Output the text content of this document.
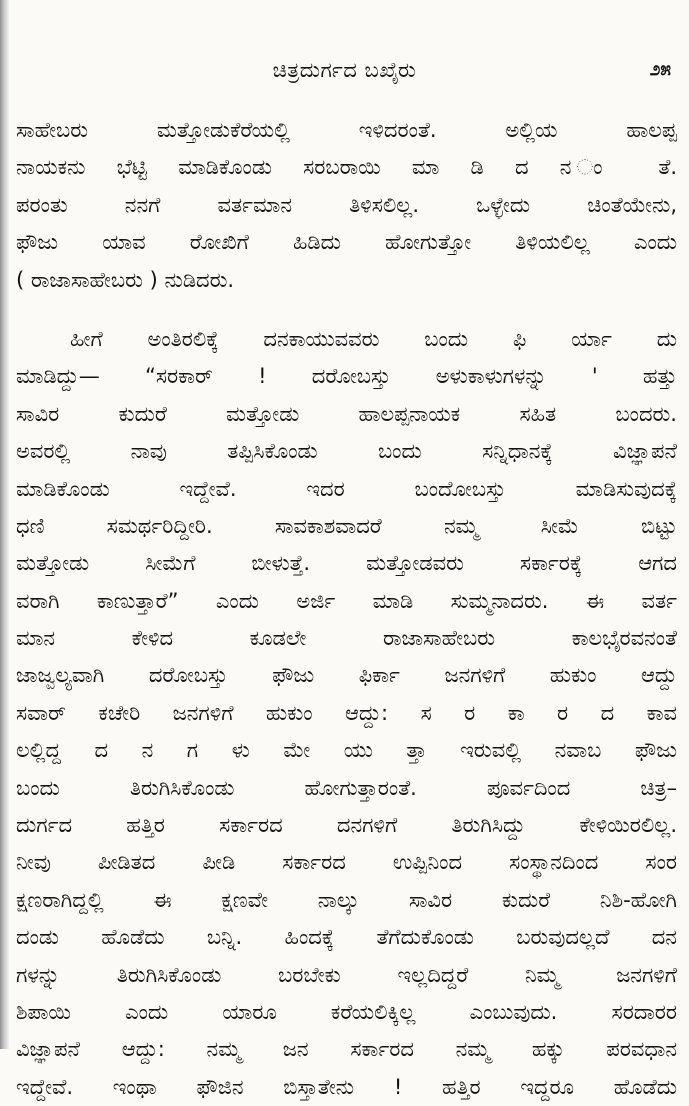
ಚಿತ್ರದುರ್ಗದ ಬಖೈರು	೨೫
ಸಾಹೇಬರು ಮತ್ತೋಡುಕೆರೆಯಲ್ಲಿ ಇಳಿದರಂತೆ. ಅಲ್ಲಿಯ ಹಾಲಪ್ಪ
ನಾಯಕನು ಭೆಟ್ಟಿ ಮಾಡಿಕೊಂಡು ಸರಬರಾಯಿ ಮಾ ಡಿ ದ ನ ಂ ತೆ.
ಪರಂತು ನನಗೆ ವರ್ತಮಾನ ತಿಳಿಸಲಿಲ್ಲ. ಒಳ್ಳೇದು ಚಿಂತೆಯೇನು,
ಫೌಜು ಯಾವ ರೋಖಿಗೆ ಹಿಡಿದು ಹೋಗುತ್ತೋ ತಿಳಿಯಲಿಲ್ಲ ಎಂದು
( ರಾಜಾಸಾಹೇಬರು ) ನುಡಿದರು.
ಹೀಗೆ ಅಂತಿರಲಿಕ್ಕೆ ದನಕಾಯುವವರು ಬಂದು ಫಿ ರ್ಯಾ ದು
ಮಾಡಿದ್ದು— “ಸರಕಾರ್ ! ದರೋಬಸ್ತು ಅಳುಕಾಳುಗಳನ್ನು ' ಹತ್ತು
ಸಾವಿರ ಕುದುರೆ ಮತ್ತೋಡು ಹಾಲಪ್ಪನಾಯಕ ಸಹಿತ ಬಂದರು.
ಅವರಲ್ಲಿ ನಾವು ತಪ್ಪಿಸಿಕೊಂಡು ಬಂದು ಸನ್ನಿಧಾನಕ್ಕೆ ವಿಜ್ಞಾಪನೆ
ಮಾಡಿಕೊಂಡು ಇದ್ದೇವೆ. ಇದರ ಬಂದೋಬಸ್ತು ಮಾಡಿಸುವುದಕ್ಕೆ
ಧಣಿ ಸಮರ್ಥರಿದ್ದೀರಿ. ಸಾವಕಾಶವಾದರೆ ನಮ್ಮ ಸೀಮೆ ಬಿಟ್ಟು
ಮತ್ತೋಡು ಸೀಮೆಗೆ ಬೀಳುತ್ತೆ. ಮತ್ತೋಡವರು ಸರ್ಕಾರಕ್ಕೆ ಆಗದ
ವರಾಗಿ ಕಾಣುತ್ತಾರೆ” ಎಂದು ಅರ್ಜಿ ಮಾಡಿ ಸುಮ್ಮನಾದರು. ಈ ವರ್ತ
ಮಾನ ಕೇಳಿದ ಕೂಡಲೇ ರಾಜಾಸಾಹೇಬರು ಕಾಲಭೈರವನಂತೆ
ಜಾಜ್ವಲ್ಯವಾಗಿ ದರೋಬಸ್ತು ಫೌಜು ಫಿರ್ಕಾ ಜನಗಳಿಗೆ ಹುಕುಂ ಆದ್ದು
ಸವಾರ್ ಕಚೇರಿ ಜನಗಳಿಗೆ ಹುಕುಂ ಆದ್ದು: ಸ ರ ಕಾ ರ ದ ಕಾವ
ಲಲ್ಲಿದ್ದ ದ ನ ಗ ಳು ಮೇ ಯು ತ್ತಾ ಇರುವಲ್ಲಿ ನವಾಬ ಫೌಜು
ಬಂದು ತಿರುಗಿಸಿಕೊಂಡು ಹೋಗುತ್ತಾರಂತೆ. ಪೂರ್ವದಿಂದ ಚಿತ್ರ–
ದುರ್ಗದ ಹತ್ತಿರ ಸರ್ಕಾರದ ದನಗಳಿಗೆ ತಿರುಗಿಸಿದ್ದು ಕೇಳಿಯಿರಲಿಲ್ಲ.
ನೀವು ಪೀಡಿತದ ಪೀಡಿ ಸರ್ಕಾರದ ಉಪ್ಪಿನಿಂದ ಸಂಸ್ಥಾನದಿಂದ ಸಂರ
ಕ್ಷಣರಾಗಿದ್ದಲ್ಲಿ ಈ ಕ್ಷಣವೇ ನಾಲ್ಕು ಸಾವಿರ ಕುದುರೆ ನಿಶಿ-ಹೋಗಿ
ದಂಡು ಹೊಡೆದು ಬನ್ನಿ. ಹಿಂದಕ್ಕೆ ತೆಗೆದುಕೊಂಡು ಬರುವುದಲ್ಲದೆ ದನ
ಗಳನ್ನು ತಿರುಗಿಸಿಕೊಂಡು ಬರಬೇಕು ಇಲ್ಲದಿದ್ದರೆ ನಿಮ್ಮ ಜನಗಳಿಗೆ
ಶಿಪಾಯಿ ಎಂದು ಯಾರೂ ಕರೆಯಲಿಕ್ಕಿಲ್ಲ ಎಂಬುವುದು. ಸರದಾರರ
ವಿಜ್ಞಾಪನೆ ಆದ್ದು: ನಮ್ಮ ಜನ ಸರ್ಕಾರದ ನಮ್ಮ ಹಕ್ಕು ಪರವಧಾನ
ಇದ್ದೇವೆ. ಇಂಥಾ ಫೌಜಿನ ಬಿಸ್ತಾತೇನು ! ಹತ್ತಿರ ಇದ್ದರೂ ಹೊಡೆದು
